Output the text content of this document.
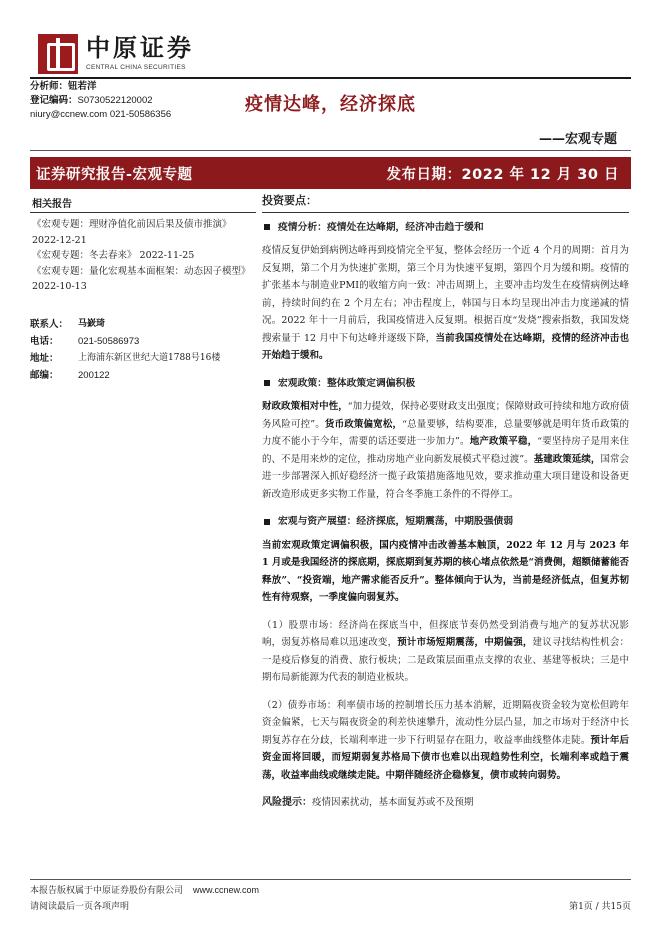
中原证券
CENTRAL CHINA SECURITIES
分析师：钮若洋
登记编码：S0730522120002
niury@ccnew.com 021-50586356	疫情达峰，经济探底
——宏观专题
证券研究报告-宏观专题	发布日期：2022 年 12 月 30 日
相关报告
《宏观专题：理财净值化前因后果及债市推演》 2022-12-21
《宏观专题：冬去春来》 2022-11-25
《宏观专题：量化宏观基本面框架：动态因子模型》 2022-10-13
联系人：	马嶔琦
电话：	021-50586973
地址：	上海浦东新区世纪大道1788号16楼
邮编：	200122
投资要点：
疫情分析：疫情处在达峰期，经济冲击趋于缓和
疫情反复伊始到病例达峰再到疫情完全平复，整体会经历一个近 4 个月的周期：首月为反复期，第二个月为快速扩张期，第三个月为快速平复期，第四个月为缓和期。疫情的扩张基本与制造业PMI的收缩方向一致：冲击周期上，主要冲击均发生在疫情病例达峰前，持续时间约在 2 个月左右；冲击程度上，韩国与日本均呈现出冲击力度递减的情况。2022 年十一月前后，我国疫情进入反复期。根据百度“发烧”搜索指数，我国发烧搜索量于 12 月中下旬达峰并逐级下降，当前我国疫情处在达峰期，疫情的经济冲击也开始趋于缓和。
宏观政策：整体政策定调偏积极
财政政策相对中性，“加力提效，保持必要财政支出强度；保障财政可持续和地方政府债务风险可控”。货币政策偏宽松，“总量要够，结构要准，总量要够就是明年货币政策的力度不能小于今年，需要的话还要进一步加力”。地产政策平稳，“要坚持房子是用来住的、不是用来炒的定位，推动房地产业向新发展模式平稳过渡”。基建政策延续，国常会进一步部署深入抓好稳经济一揽子政策措施落地见效，要求推动重大项目建设和设备更新改造形成更多实物工作量，符合冬季施工条件的不得停工。
宏观与资产展望：经济探底，短期震荡，中期股强债弱
当前宏观政策定调偏积极，国内疫情冲击改善基本触顶，2022 年 12 月与 2023 年 1 月或是我国经济的探底期，探底期到复苏期的核心堵点依然是“消费侧，超额储蓄能否释放”、“投资端，地产需求能否反升”。整体倾向于认为，当前是经济低点，但复苏韧性有待观察，一季度偏向弱复苏。
（1）股票市场：经济尚在探底当中，但探底节奏仍然受到消费与地产的复苏状况影响，弱复苏格局难以迅速改变，预计市场短期震荡，中期偏强，建议寻找结构性机会：一是疫后修复的消费、旅行板块；二是政策层面重点支撑的农业、基建等板块；三是中期布局新能源为代表的制造业板块。
（2）债券市场：利率债市场的控制增长压力基本消解，近期隔夜资金较为宽松但跨年资金偏紧，七天与隔夜资金的利差快速攀升，流动性分层凸显，加之市场对于经济中长期复苏存在分歧，长端利率进一步下行明显存在阻力，收益率曲线整体走陡。预计年后资金面将回暖，而短期弱复苏格局下债市也难以出现趋势性利空，长端利率或趋于震荡，收益率曲线或继续走陡。中期伴随经济企稳修复，债市或转向弱势。
风险提示：疫情因素扰动，基本面复苏或不及预期
本报告版权属于中原证券股份有限公司 www.ccnew.com
请阅读最后一页各项声明	第1页 / 共15页
